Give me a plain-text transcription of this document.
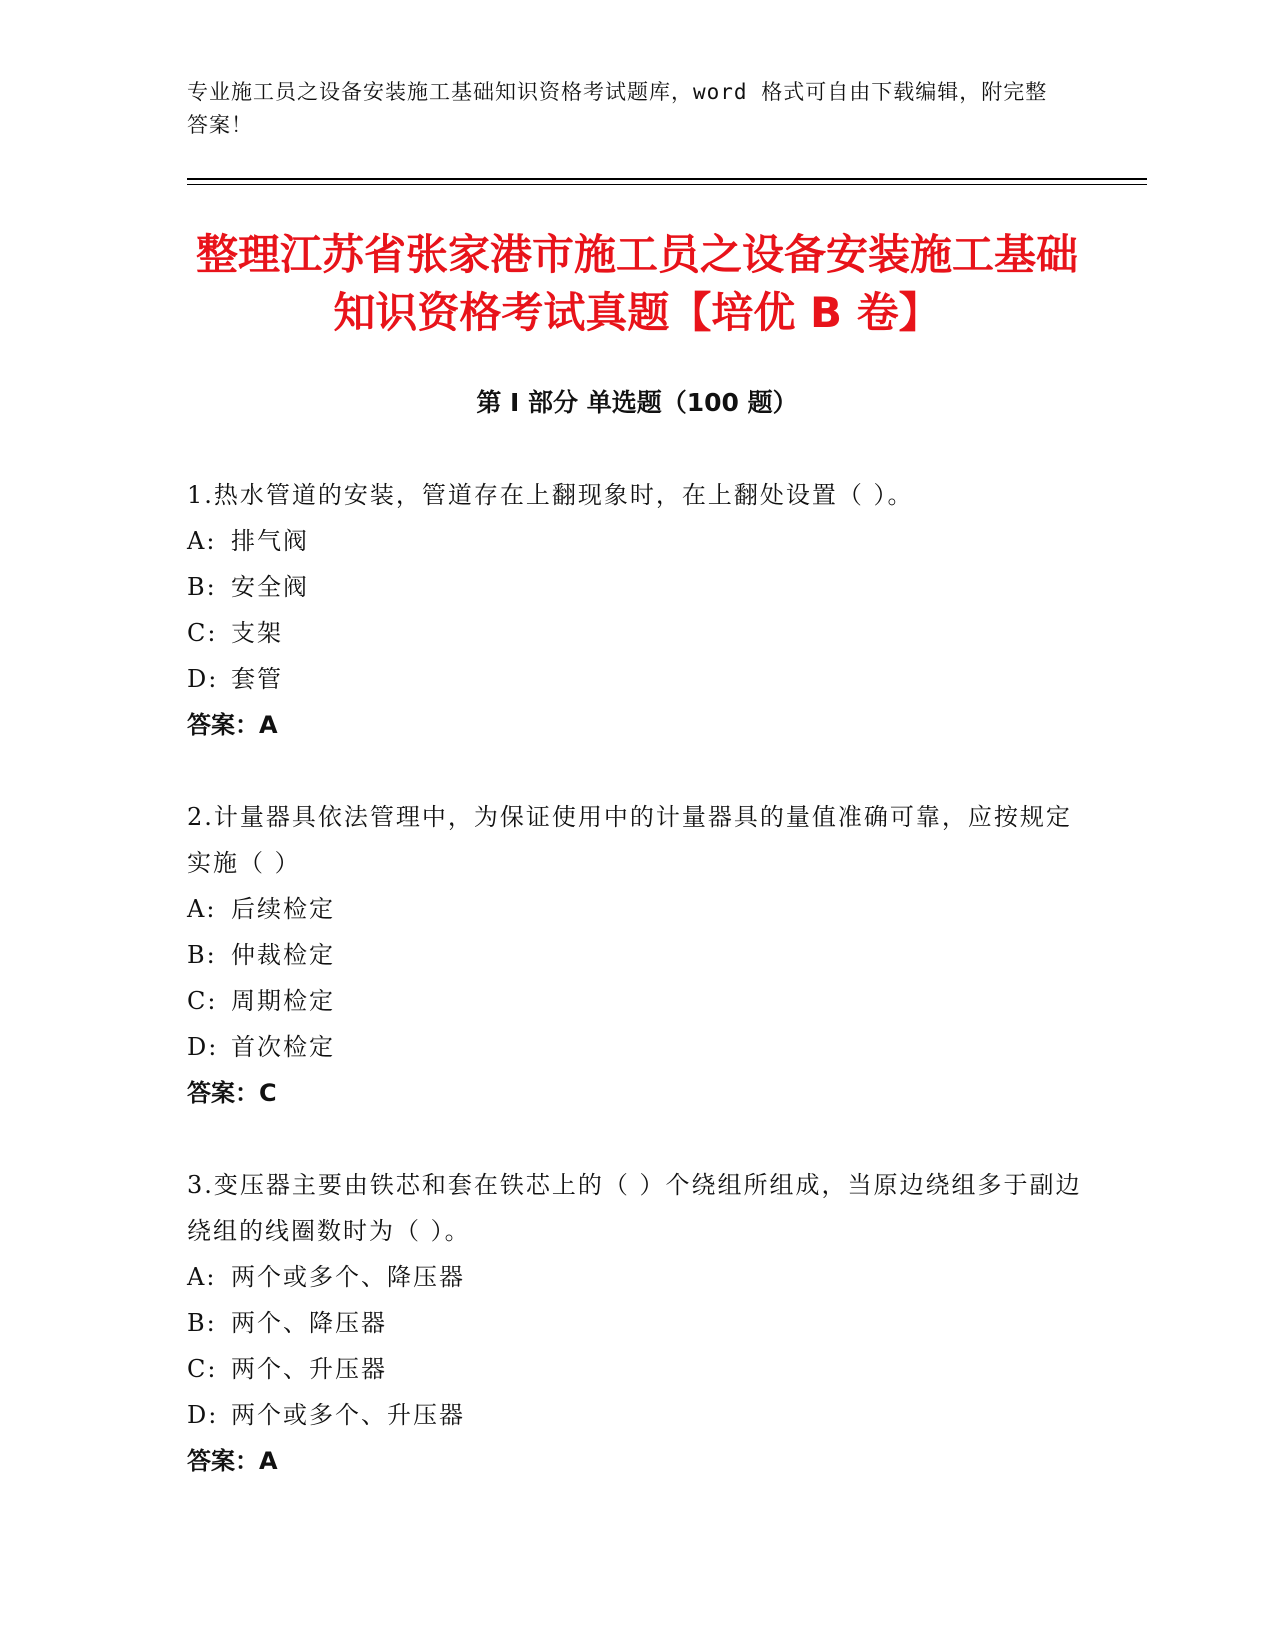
专业施工员之设备安装施工基础知识资格考试题库，word 格式可自由下载编辑，附完整答案！
整理江苏省张家港市施工员之设备安装施工基础知识资格考试真题【培优 B 卷】
第 I 部分 单选题（100 题）
1.热水管道的安装，管道存在上翻现象时，在上翻处设置（ ）。
A: 排气阀
B: 安全阀
C: 支架
D: 套管
答案：A
2.计量器具依法管理中，为保证使用中的计量器具的量值准确可靠，应按规定实施（ ）
A: 后续检定
B: 仲裁检定
C: 周期检定
D: 首次检定
答案：C
3.变压器主要由铁芯和套在铁芯上的（ ）个绕组所组成，当原边绕组多于副边绕组的线圈数时为（ ）。
A: 两个或多个、降压器
B: 两个、降压器
C: 两个、升压器
D: 两个或多个、升压器
答案：A
